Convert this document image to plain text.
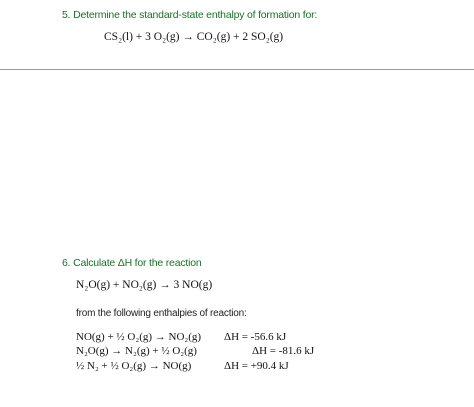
5. Determine the standard-state enthalpy of formation for:
CS₂(l) + 3 O₂(g) → CO₂(g) + 2 SO₂(g)
6. Calculate ΔH for the reaction
N₂O(g) + NO₂(g) → 3 NO(g)
from the following enthalpies of reaction:
NO(g) + ½ O₂(g) → NO₂(g) ΔH = -56.6 kJ
N₂O(g) → N₂(g) + ½ O₂(g)	ΔH = -81.6 kJ
½ N₂ + ½ O₂(g) → NO(g)	ΔH = +90.4 kJ
